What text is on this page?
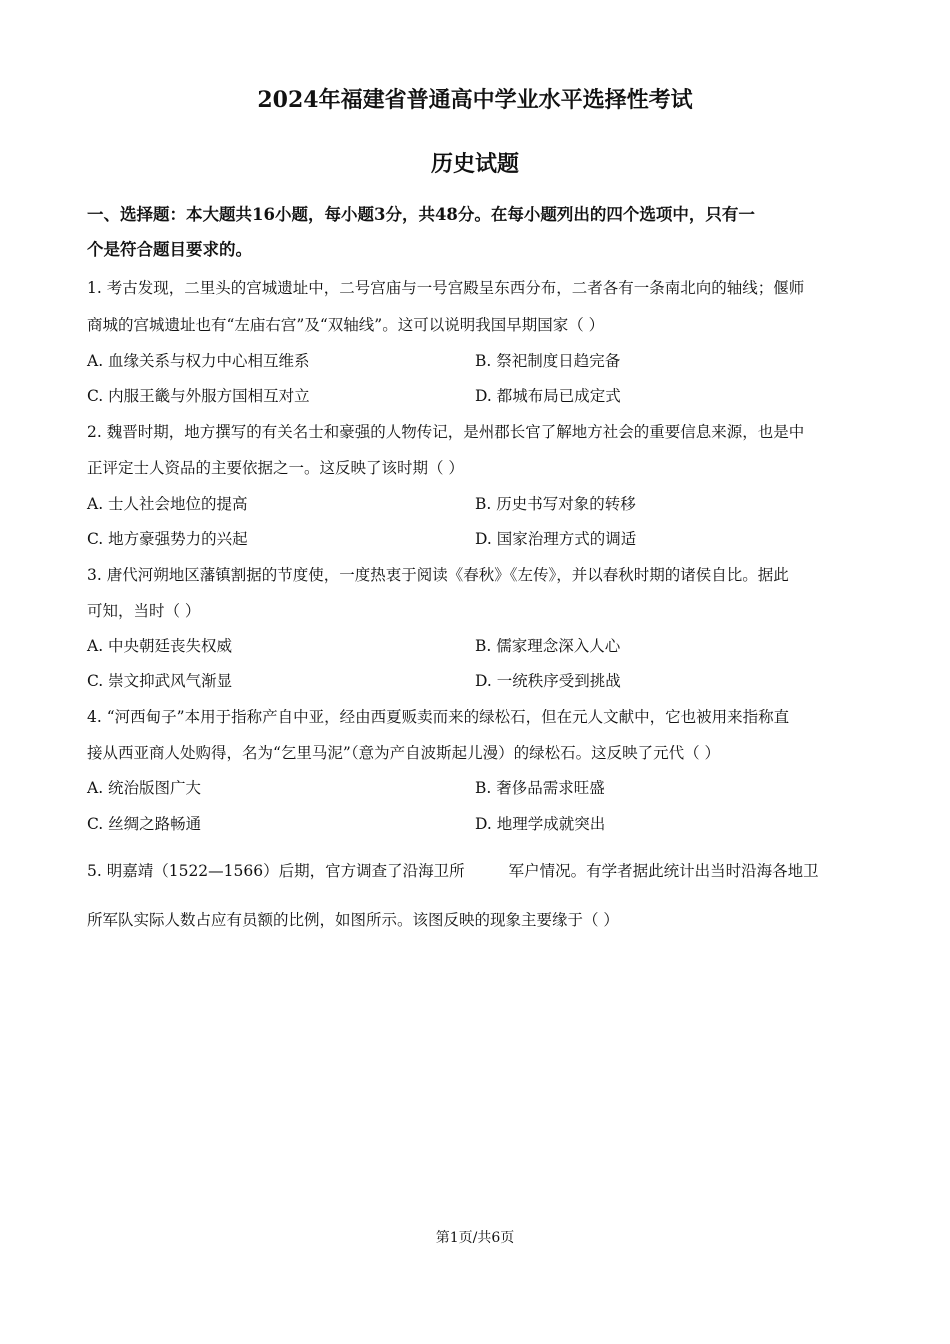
2024年福建省普通高中学业水平选择性考试
历史试题
一、选择题：本大题共16小题，每小题3分，共48分。在每小题列出的四个选项中，只有一
个是符合题目要求的。
1. 考古发现，二里头的宫城遗址中，二号宫庙与一号宫殿呈东西分布，二者各有一条南北向的轴线；偃师
商城的宫城遗址也有“左庙右宫”及“双轴线”。这可以说明我国早期国家（ ）
A. 血缘关系与权力中心相互维系	B. 祭祀制度日趋完备
C. 内服王畿与外服方国相互对立	D. 都城布局已成定式
2. 魏晋时期，地方撰写的有关名士和豪强的人物传记，是州郡长官了解地方社会的重要信息来源，也是中
正评定士人资品的主要依据之一。这反映了该时期（ ）
A. 士人社会地位的提高	B. 历史书写对象的转移
C. 地方豪强势力的兴起	D. 国家治理方式的调适
3. 唐代河朔地区藩镇割据的节度使，一度热衷于阅读《春秋》《左传》，并以春秋时期的诸侯自比。据此
可知，当时（ ）
A. 中央朝廷丧失权威	B. 儒家理念深入人心
C. 崇文抑武风气渐显	D. 一统秩序受到挑战
4. “河西甸子”本用于指称产自中亚，经由西夏贩卖而来的绿松石，但在元人文献中，它也被用来指称直
接从西亚商人处购得，名为“乞里马泥”（意为产自波斯起儿漫）的绿松石。这反映了元代（ ）
A. 统治版图广大	B. 奢侈品需求旺盛
C. 丝绸之路畅通	D. 地理学成就突出
5. 明嘉靖（1522—1566）后期，官方调查了沿海卫所	军户情况。有学者据此统计出当时沿海各地卫
所军队实际人数占应有员额的比例，如图所示。该图反映的现象主要缘于（ ）
第1页/共6页
